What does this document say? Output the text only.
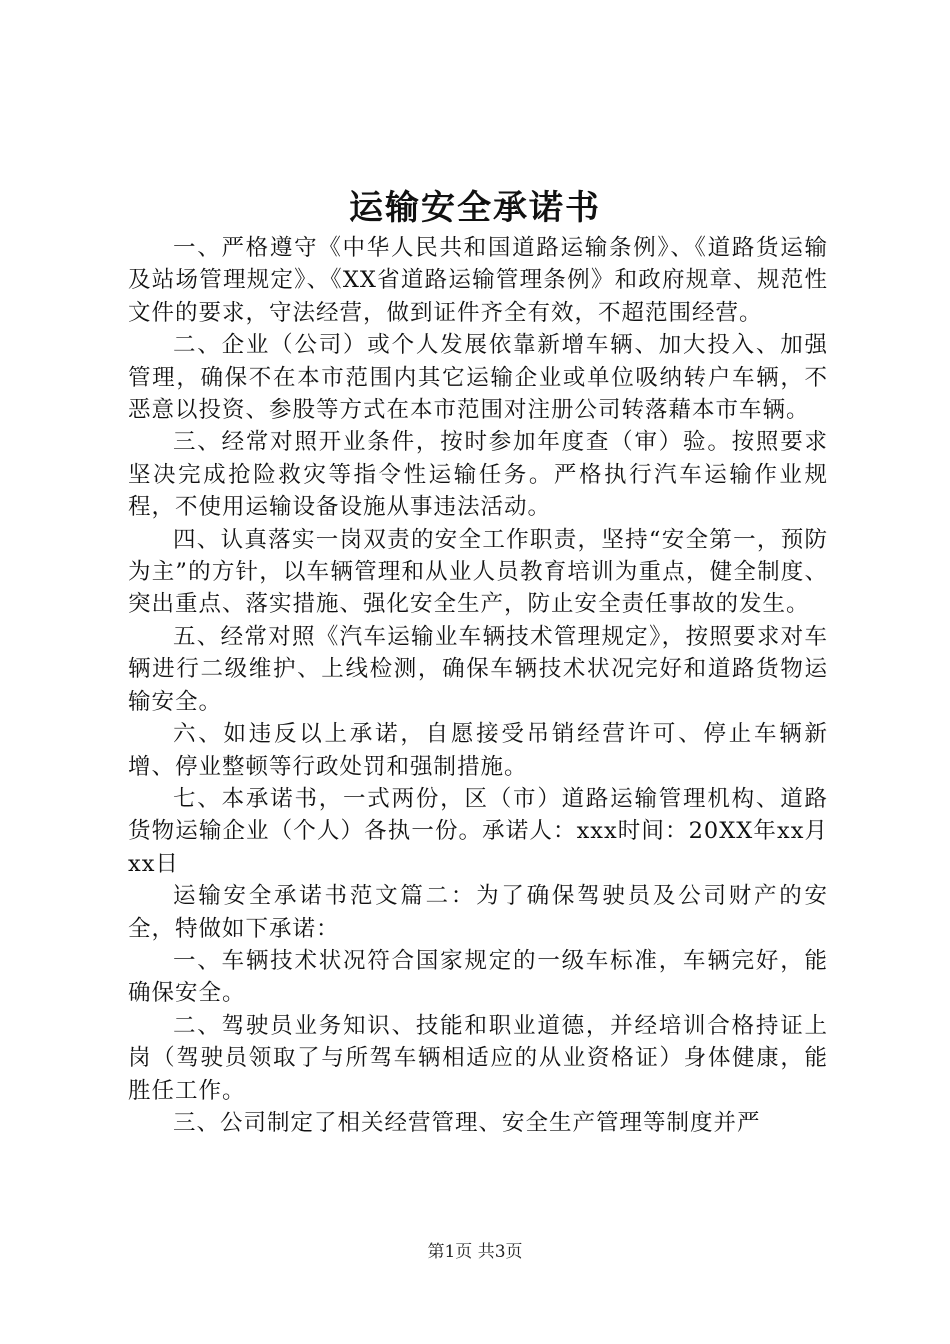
运输安全承诺书

一、严格遵守《中华人民共和国道路运输条例》、《道路货运输及站场管理规定》、《XX省道路运输管理条例》和政府规章、规范性文件的要求，守法经营，做到证件齐全有效，不超范围经营。

二、企业（公司）或个人发展依靠新增车辆、加大投入、加强管理，确保不在本市范围内其它运输企业或单位吸纳转户车辆，不恶意以投资、参股等方式在本市范围对注册公司转落藉本市车辆。

三、经常对照开业条件，按时参加年度查（审）验。按照要求坚决完成抢险救灾等指令性运输任务。严格执行汽车运输作业规程，不使用运输设备设施从事违法活动。

四、认真落实一岗双责的安全工作职责，坚持“安全第一，预防为主”的方针，以车辆管理和从业人员教育培训为重点，健全制度、突出重点、落实措施、强化安全生产，防止安全责任事故的发生。

五、经常对照《汽车运输业车辆技术管理规定》，按照要求对车辆进行二级维护、上线检测，确保车辆技术状况完好和道路货物运输安全。

六、如违反以上承诺，自愿接受吊销经营许可、停止车辆新增、停业整顿等行政处罚和强制措施。

七、本承诺书，一式两份，区（市）道路运输管理机构、道路货物运输企业（个人）各执一份。承诺人：xxx时间：20XX年xx月xx日

运输安全承诺书范文篇二：为了确保驾驶员及公司财产的安全，特做如下承诺：

一、车辆技术状况符合国家规定的一级车标准，车辆完好，能确保安全。

二、驾驶员业务知识、技能和职业道德，并经培训合格持证上岗（驾驶员领取了与所驾车辆相适应的从业资格证）身体健康，能胜任工作。

三、公司制定了相关经营管理、安全生产管理等制度并严

第1页 共3页
